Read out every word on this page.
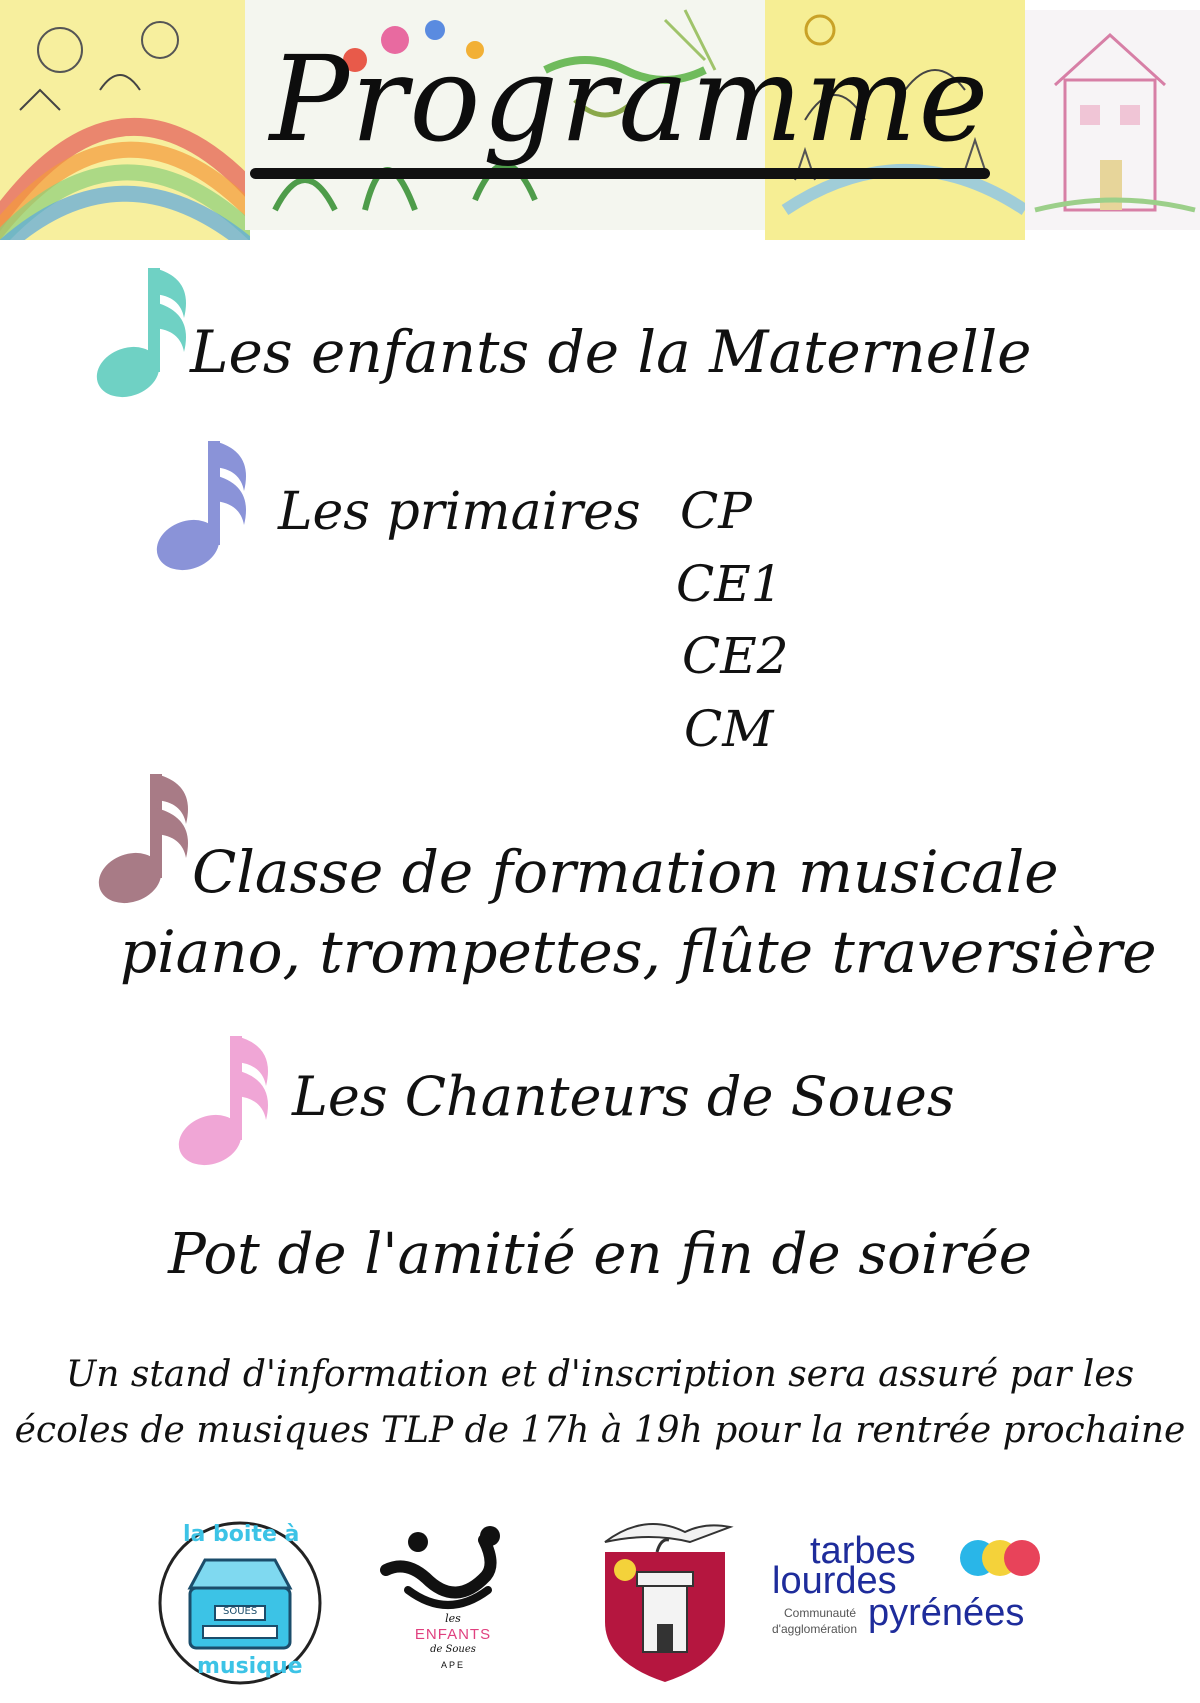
Programme
Les enfants de la Maternelle
Les primaires CP
CE1
CE2
CM
Classe de formation musicale
piano, trompettes, flûte traversière
Les Chanteurs de Soues
Pot de l'amitié en fin de soirée
Un stand d'information et d'inscription sera assuré par les
écoles de musiques TLP de 17h à 19h pour la rentrée prochaine
la boite à
SOUES
musique
les
ENFANTS
de Soues
APE
tarbes
lourdes
pyrénées
Communauté
d'agglomération
